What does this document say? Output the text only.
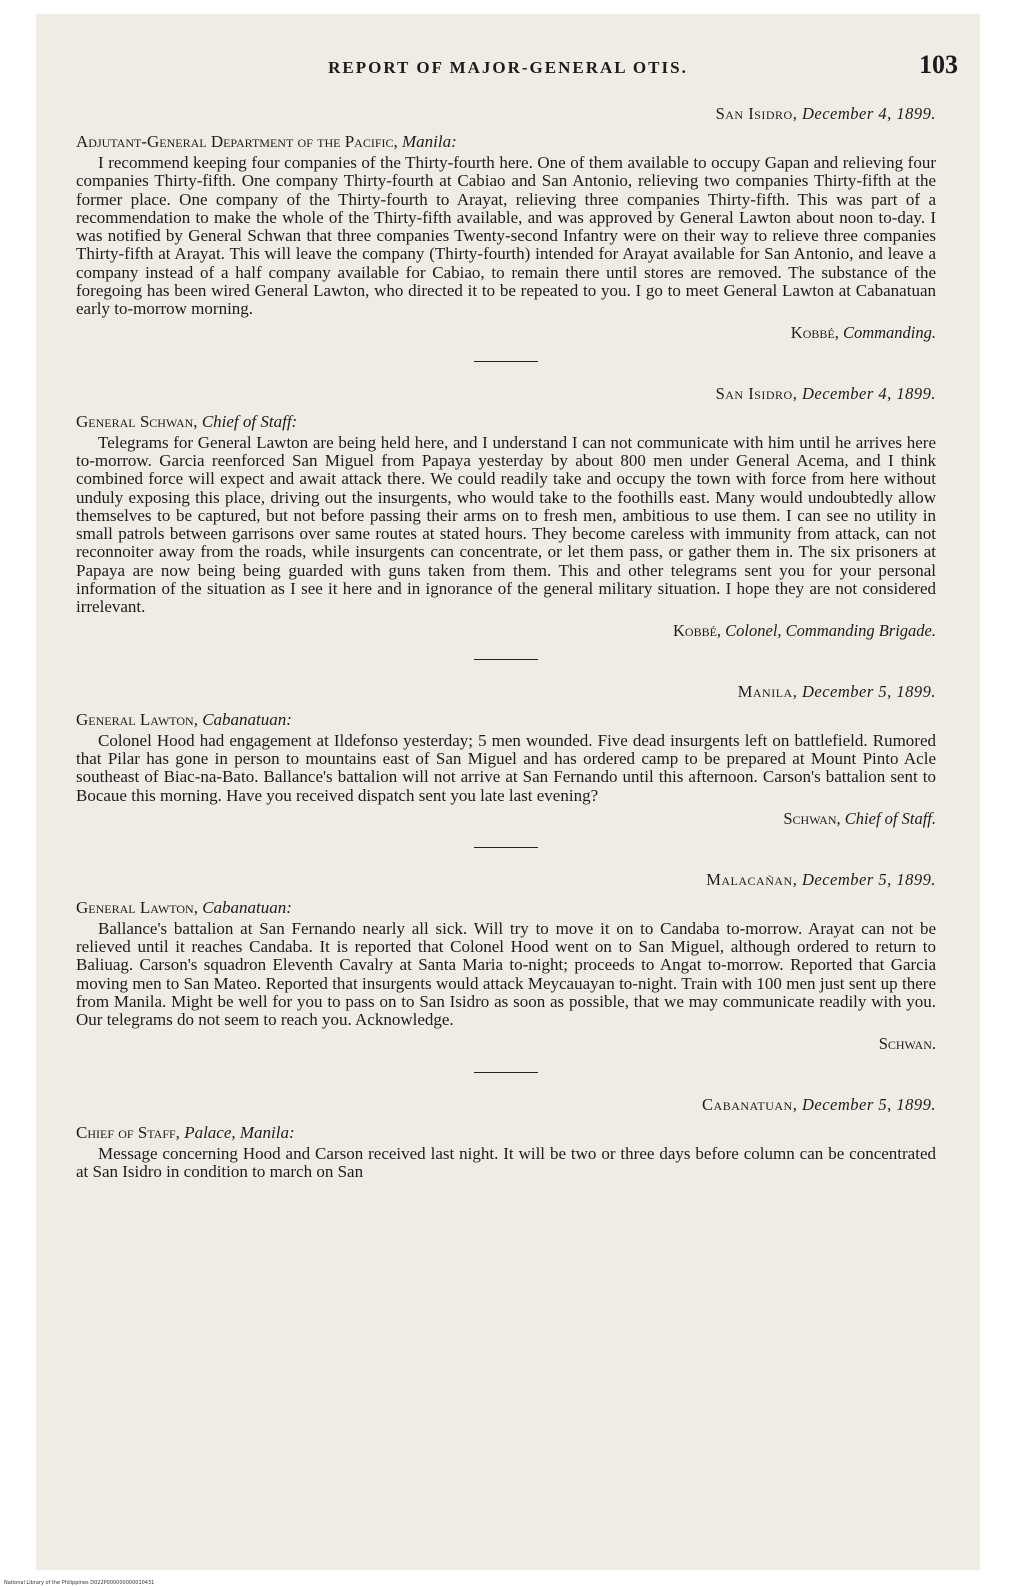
REPORT OF MAJOR-GENERAL OTIS.	103

San Isidro, December 4, 1899.

Adjutant-General Department of the Pacific, Manila:

I recommend keeping four companies of the Thirty-fourth here. One of them available to occupy Gapan and relieving four companies Thirty-fifth. One company Thirty-fourth at Cabiao and San Antonio, relieving two companies Thirty-fifth at the former place. One company of the Thirty-fourth to Arayat, relieving three companies Thirty-fifth. This was part of a recommendation to make the whole of the Thirty-fifth available, and was approved by General Lawton about noon to-day. I was notified by General Schwan that three companies Twenty-second Infantry were on their way to relieve three companies Thirty-fifth at Arayat. This will leave the company (Thirty-fourth) intended for Arayat available for San Antonio, and leave a company instead of a half company available for Cabiao, to remain there until stores are removed. The substance of the foregoing has been wired General Lawton, who directed it to be repeated to you. I go to meet General Lawton at Cabanatuan early to-morrow morning.

Kobbé, Commanding.

San Isidro, December 4, 1899.

General Schwan, Chief of Staff:

Telegrams for General Lawton are being held here, and I understand I can not communicate with him until he arrives here to-morrow. Garcia reenforced San Miguel from Papaya yesterday by about 800 men under General Acema, and I think combined force will expect and await attack there. We could readily take and occupy the town with force from here without unduly exposing this place, driving out the insurgents, who would take to the foothills east. Many would undoubtedly allow themselves to be captured, but not before passing their arms on to fresh men, ambitious to use them. I can see no utility in small patrols between garrisons over same routes at stated hours. They become careless with immunity from attack, can not reconnoiter away from the roads, while insurgents can concentrate, or let them pass, or gather them in. The six prisoners at Papaya are now being being guarded with guns taken from them. This and other telegrams sent you for your personal information of the situation as I see it here and in ignorance of the general military situation. I hope they are not considered irrelevant.

Kobbé, Colonel, Commanding Brigade.

Manila, December 5, 1899.

General Lawton, Cabanatuan:

Colonel Hood had engagement at Ildefonso yesterday; 5 men wounded. Five dead insurgents left on battlefield. Rumored that Pilar has gone in person to mountains east of San Miguel and has ordered camp to be prepared at Mount Pinto Acle southeast of Biac-na-Bato. Ballance's battalion will not arrive at San Fernando until this afternoon. Carson's battalion sent to Bocaue this morning. Have you received dispatch sent you late last evening?

Schwan, Chief of Staff.

Malacañan, December 5, 1899.

General Lawton, Cabanatuan:

Ballance's battalion at San Fernando nearly all sick. Will try to move it on to Candaba to-morrow. Arayat can not be relieved until it reaches Candaba. It is reported that Colonel Hood went on to San Miguel, although ordered to return to Baliuag. Carson's squadron Eleventh Cavalry at Santa Maria to-night; proceeds to Angat to-morrow. Reported that Garcia moving men to San Mateo. Reported that insurgents would attack Meycauayan to-night. Train with 100 men just sent up there from Manila. Might be well for you to pass on to San Isidro as soon as possible, that we may communicate readily with you. Our telegrams do not seem to reach you. Acknowledge.

Schwan.

Cabanatuan, December 5, 1899.

Chief of Staff, Palace, Manila:

Message concerning Hood and Carson received last night. It will be two or three days before column can be concentrated at San Isidro in condition to march on San

National Library of the Philippines D022P000000000010431
